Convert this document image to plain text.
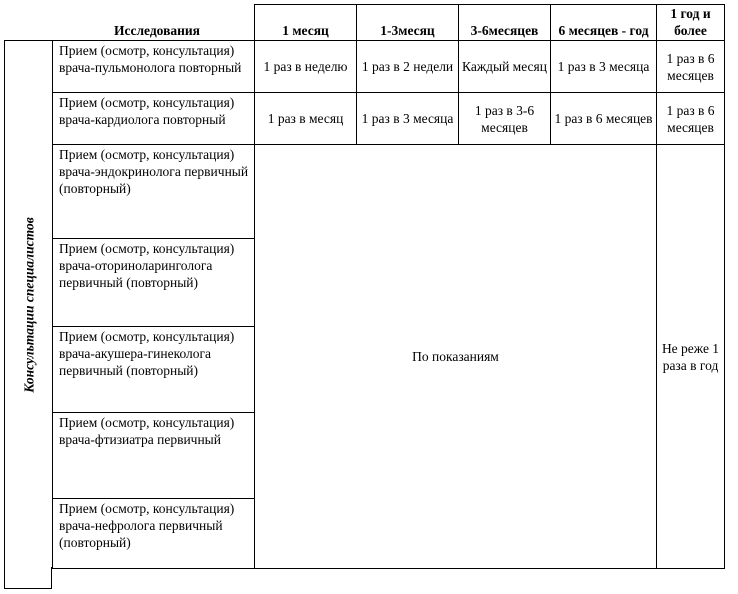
Исследования		1 месяц	1-3месяц	3-6месяцев	6 месяцев - год	1 год и более

Консультации специалистов	Прием (осмотр, консультация) врача-пульмонолога повторный	1 раз в неделю	1 раз в 2 недели	Каждый месяц	1 раз в 3 месяца	1 раз в 6 месяцев
	Прием (осмотр, консультация) врача-кардиолога повторный	1 раз в месяц	1 раз в 3 месяца	1 раз в 3-6 месяцев	1 раз в 6 месяцев	1 раз в 6 месяцев
	Прием (осмотр, консультация) врача-эндокринолога первичный (повторный)	По показаниям				Не реже 1 раза в год
	Прием (осмотр, консультация) врача-оториноларинголога первичный (повторный)					
	Прием (осмотр, консультация) врача-акушера-гинеколога первичный (повторный)					
	Прием (осмотр, консультация) врача-фтизиатра первичный					
	Прием (осмотр, консультация) врача-нефролога первичный (повторный)					
